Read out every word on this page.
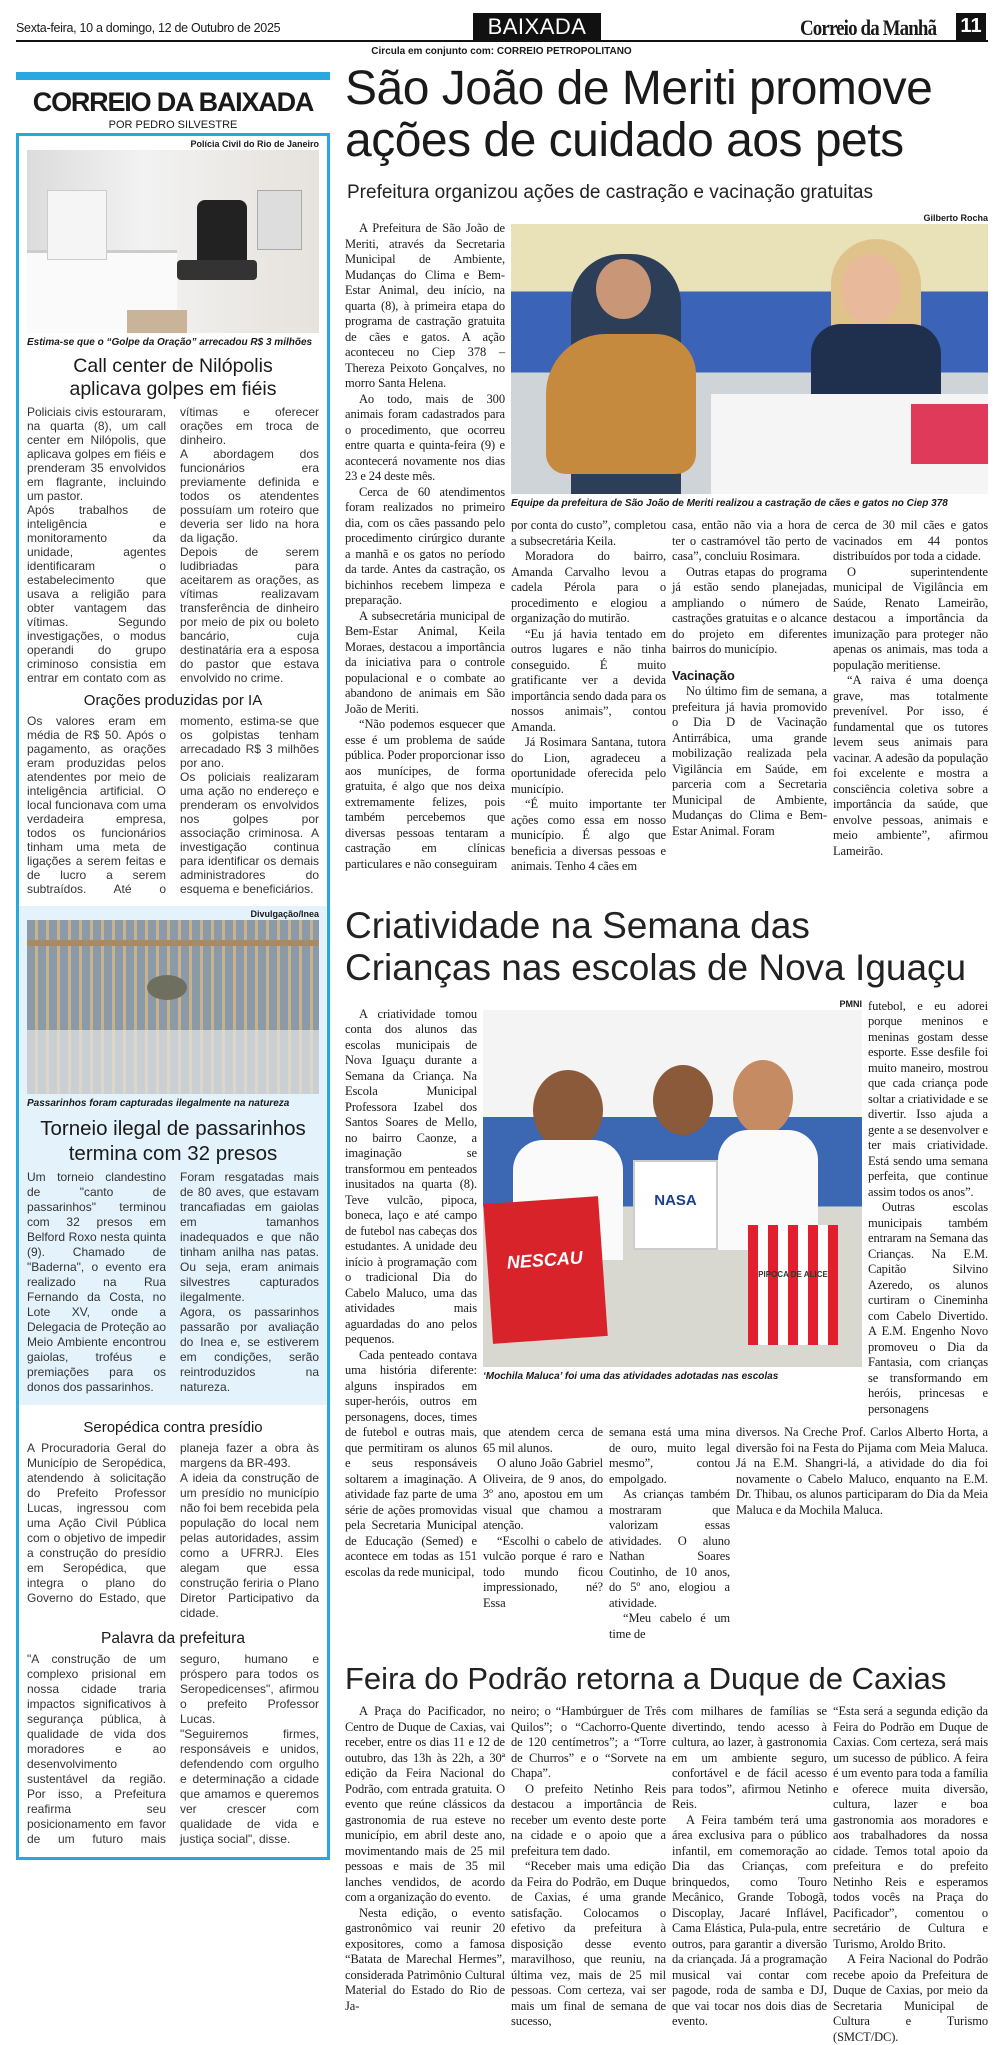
Sexta-feira, 10 a domingo, 12 de Outubro de 2025	BAIXADA	Correio da Manhã 11
Circula em conjunto com: CORREIO PETROPOLITANO
CORREIO DA BAIXADA
POR PEDRO SILVESTRE
Polícia Civil do Rio de Janeiro
Estima-se que o “Golpe da Oração” arrecadou R$ 3 milhões
Call center de Nilópolis
aplicava golpes em fiéis

Policiais civis estouraram, na quarta (8), um call center em Nilópolis, que aplicava golpes em fiéis e prenderam 35 envolvidos em flagrante, incluindo um pastor.

Após trabalhos de inteligência e monitoramento da unidade, agentes identificaram o estabelecimento que usava a religião para obter vantagem das vítimas. Segundo investigações, o modus operandi do grupo criminoso consistia em entrar em contato com as vítimas e oferecer orações em troca de dinheiro.

A abordagem dos funcionários era previamente definida e todos os atendentes possuíam um roteiro que deveria ser lido na hora da ligação.

Depois de serem ludibriadas para aceitarem as orações, as vítimas realizavam transferência de dinheiro por meio de pix ou boleto bancário, cuja destinatária era a esposa do pastor que estava envolvido no crime.

Orações produzidas por IA

Os valores eram em média de R$ 50. Após o pagamento, as orações eram produzidas pelos atendentes por meio de inteligência artificial. O local funcionava com uma verdadeira empresa, todos os funcionários tinham uma meta de ligações a serem feitas e de lucro a serem subtraídos. Até o momento, estima-se que os golpistas tenham arrecadado R$ 3 milhões por ano.

Os policiais realizaram uma ação no endereço e prenderam os envolvidos nos golpes por associação criminosa. A investigação continua para identificar os demais administradores do esquema e beneficiários.

Divulgação/Inea
Passarinhos foram capturadas ilegalmente na natureza
Torneio ilegal de passarinhos
termina com 32 presos

Um torneio clandestino de "canto de passarinhos" terminou com 32 presos em Belford Roxo nesta quinta (9). Chamado de "Baderna", o evento era realizado na Rua Fernando da Costa, no Lote XV, onde a Delegacia de Proteção ao Meio Ambiente encontrou gaiolas, troféus e premiações para os donos dos passarinhos.

Foram resgatadas mais de 80 aves, que estavam trancafiadas em gaiolas em tamanhos inadequados e que não tinham anilha nas patas. Ou seja, eram animais silvestres capturados ilegalmente.

Agora, os passarinhos passarão por avaliação do Inea e, se estiverem em condições, serão reintroduzidos na natureza.

Seropédica contra presídio

A Procuradoria Geral do Município de Seropédica, atendendo à solicitação do Prefeito Professor Lucas, ingressou com uma Ação Civil Pública com o objetivo de impedir a construção do presídio em Seropédica, que integra o plano do Governo do Estado, que planeja fazer a obra às margens da BR-493.

A ideia da construção de um presídio no município não foi bem recebida pela população do local nem pelas autoridades, assim como a UFRRJ. Eles alegam que essa construção feriria o Plano Diretor Participativo da cidade.

Palavra da prefeitura

"A construção de um complexo prisional em nossa cidade traria impactos significativos à segurança pública, à qualidade de vida dos moradores e ao desenvolvimento sustentável da região. Por isso, a Prefeitura reafirma seu posicionamento em favor de um futuro mais seguro, humano e próspero para todos os Seropedicenses", afirmou o prefeito Professor Lucas.

"Seguiremos firmes, responsáveis e unidos, defendendo com orgulho e determinação a cidade que amamos e queremos ver crescer com qualidade de vida e justiça social", disse.

São João de Meriti promove
ações de cuidado aos pets
Prefeitura organizou ações de castração e vacinação gratuitas

A Prefeitura de São João de Meriti, através da Secretaria Municipal de Ambiente, Mudanças do Clima e Bem-Estar Animal, deu início, na quarta (8), à primeira etapa do programa de castração gratuita de cães e gatos. A ação aconteceu no Ciep 378 – Thereza Peixoto Gonçalves, no morro Santa Helena.

Ao todo, mais de 300 animais foram cadastrados para o procedimento, que ocorreu entre quarta e quinta-feira (9) e acontecerá novamente nos dias 23 e 24 deste mês.

Cerca de 60 atendimentos foram realizados no primeiro dia, com os cães passando pelo procedimento cirúrgico durante a manhã e os gatos no período da tarde. Antes da castração, os bichinhos recebem limpeza e preparação.

A subsecretária municipal de Bem-Estar Animal, Keila Moraes, destacou a importância da iniciativa para o controle populacional e o combate ao abandono de animais em São João de Meriti.

“Não podemos esquecer que esse é um problema de saúde pública. Poder proporcionar isso aos munícipes, de forma gratuita, é algo que nos deixa extremamente felizes, pois também percebemos que diversas pessoas tentaram a castração em clínicas particulares e não conseguiram

Gilberto Rocha
Equipe da prefeitura de São João de Meriti realizou a castração de cães e gatos no Ciep 378

por conta do custo”, completou a subsecretária Keila.

Moradora do bairro, Amanda Carvalho levou a cadela Pérola para o procedimento e elogiou a organização do mutirão.

“Eu já havia tentado em outros lugares e não tinha conseguido. É muito gratificante ver a devida importância sendo dada para os nossos animais”, contou Amanda.

Já Rosimara Santana, tutora do Lion, agradeceu a oportunidade oferecida pelo município.

“É muito importante ter ações como essa em nosso município. É algo que beneficia a diversas pessoas e animais. Tenho 4 cães em

casa, então não via a hora de ter o castramóvel tão perto de casa”, concluiu Rosimara.

Outras etapas do programa já estão sendo planejadas, ampliando o número de castrações gratuitas e o alcance do projeto em diferentes bairros do município.

Vacinação

No último fim de semana, a prefeitura já havia promovido o Dia D de Vacinação Antirrábica, uma grande mobilização realizada pela Vigilância em Saúde, em parceria com a Secretaria Municipal de Ambiente, Mudanças do Clima e Bem-Estar Animal. Foram

cerca de 30 mil cães e gatos vacinados em 44 pontos distribuídos por toda a cidade.

O superintendente municipal de Vigilância em Saúde, Renato Lameirão, destacou a importância da imunização para proteger não apenas os animais, mas toda a população meritiense.

“A raiva é uma doença grave, mas totalmente prevenível. Por isso, é fundamental que os tutores levem seus animais para vacinar. A adesão da população foi excelente e mostra a consciência coletiva sobre a importância da saúde, que envolve pessoas, animais e meio ambiente”, afirmou Lameirão.

Criatividade na Semana das
Crianças nas escolas de Nova Iguaçu

A criatividade tomou conta dos alunos das escolas municipais de Nova Iguaçu durante a Semana da Criança. Na Escola Municipal Professora Izabel dos Santos Soares de Mello, no bairro Caonze, a imaginação se transformou em penteados inusitados na quarta (8). Teve vulcão, pipoca, boneca, laço e até campo de futebol nas cabeças dos estudantes. A unidade deu início à programação com o tradicional Dia do Cabelo Maluco, uma das atividades mais aguardadas do ano pelos pequenos.

Cada penteado contava uma história diferente: alguns inspirados em super-heróis, outros em personagens, doces, times de futebol e outras mais, que permitiram os alunos e seus responsáveis soltarem a imaginação. A atividade faz parte de uma série de ações promovidas pela Secretaria Municipal de Educação (Semed) e acontece em todas as 151 escolas da rede municipal,

PMNI
NESCAU
NASA
PIPOCA DE ALICE
‘Mochila Maluca’ foi uma das atividades adotadas nas escolas

futebol, e eu adorei porque meninos e meninas gostam desse esporte. Esse desfile foi muito maneiro, mostrou que cada criança pode soltar a criatividade e se divertir. Isso ajuda a gente a se desenvolver e ter mais criatividade. Está sendo uma semana perfeita, que continue assim todos os anos”.

Outras escolas municipais também entraram na Semana das Crianças. Na E.M. Capitão Silvino Azeredo, os alunos curtiram o Cineminha com Cabelo Divertido. A E.M. Engenho Novo promoveu o Dia da Fantasia, com crianças se transformando em heróis, princesas e personagens

que atendem cerca de 65 mil alunos.

O aluno João Gabriel Oliveira, de 9 anos, do 3º ano, apostou em um visual que chamou a atenção.

“Escolhi o cabelo de vulcão porque é raro e todo mundo ficou impressionado, né? Essa

semana está uma mina de ouro, muito legal mesmo”, contou empolgado.

As crianças também mostraram que valorizam essas atividades. O aluno Nathan Soares Coutinho, de 10 anos, do 5º ano, elogiou a atividade.

“Meu cabelo é um time de

diversos. Na Creche Prof. Carlos Alberto Horta, a diversão foi na Festa do Pijama com Meia Maluca. Já na E.M. Shangri-lá, a atividade do dia foi novamente o Cabelo Maluco, enquanto na E.M. Dr. Thibau, os alunos participaram do Dia da Meia Maluca e da Mochila Maluca.

Feira do Podrão retorna a Duque de Caxias

A Praça do Pacificador, no Centro de Duque de Caxias, vai receber, entre os dias 11 e 12 de outubro, das 13h às 22h, a 30ª edição da Feira Nacional do Podrão, com entrada gratuita. O evento que reúne clássicos da gastronomia de rua esteve no município, em abril deste ano, movimentando mais de 25 mil pessoas e mais de 35 mil lanches vendidos, de acordo com a organização do evento.

Nesta edição, o evento gastronômico vai reunir 20 expositores, como a famosa “Batata de Marechal Hermes”, considerada Patrimônio Cultural Material do Estado do Rio de Ja-

neiro; o “Hambúrguer de Três Quilos”; o “Cachorro-Quente de 120 centímetros”; a “Torre de Churros” e o “Sorvete na Chapa”.

O prefeito Netinho Reis destacou a importância de receber um evento deste porte na cidade e o apoio que a prefeitura tem dado.

“Receber mais uma edição da Feira do Podrão, em Duque de Caxias, é uma grande satisfação. Colocamos o efetivo da prefeitura à disposição desse evento maravilhoso, que reuniu, na última vez, mais de 25 mil pessoas. Com certeza, vai ser mais um final de semana de sucesso,

com milhares de famílias se divertindo, tendo acesso à cultura, ao lazer, à gastronomia em um ambiente seguro, confortável e de fácil acesso para todos”, afirmou Netinho Reis.

A Feira também terá uma área exclusiva para o público infantil, em comemoração ao Dia das Crianças, com brinquedos, como Touro Mecânico, Grande Tobogã, Discoplay, Jacaré Inflável, Cama Elástica, Pula-pula, entre outros, para garantir a diversão da criançada. Já a programação musical vai contar com pagode, roda de samba e DJ, que vai tocar nos dois dias de evento.

“Esta será a segunda edição da Feira do Podrão em Duque de Caxias. Com certeza, será mais um sucesso de público. A feira é um evento para toda a família e oferece muita diversão, cultura, lazer e boa gastronomia aos moradores e aos trabalhadores da nossa cidade. Temos total apoio da prefeitura e do prefeito Netinho Reis e esperamos todos vocês na Praça do Pacificador”, comentou o secretário de Cultura e Turismo, Aroldo Brito.

A Feira Nacional do Podrão recebe apoio da Prefeitura de Duque de Caxias, por meio da Secretaria Municipal de Cultura e Turismo (SMCT/DC).
